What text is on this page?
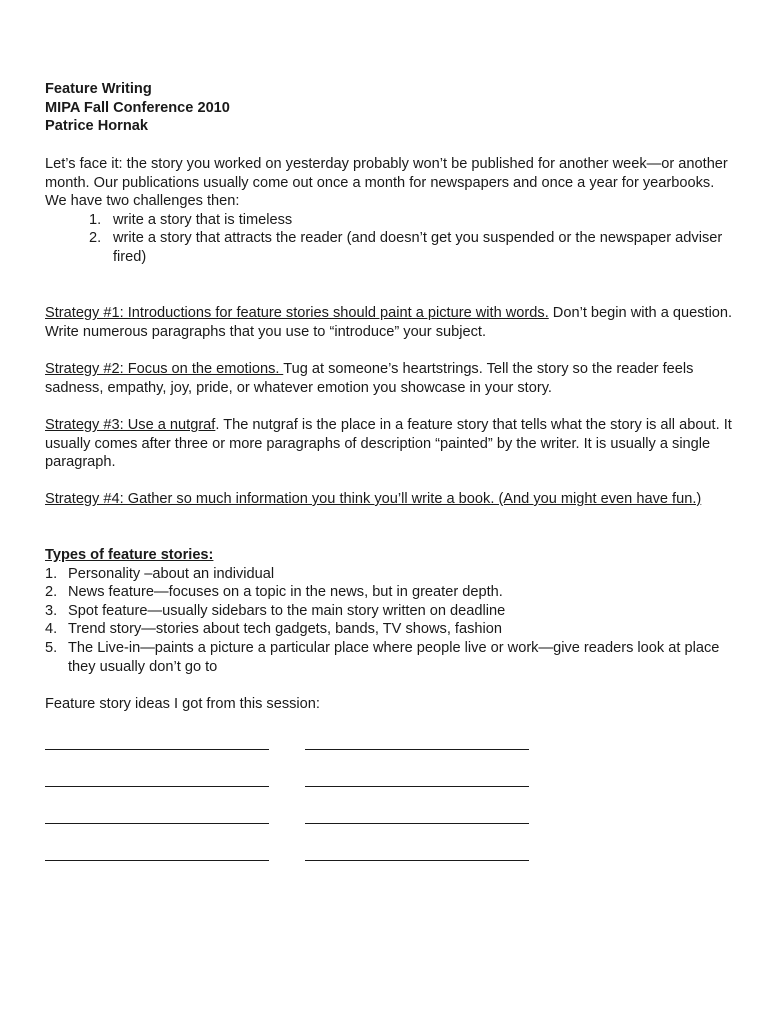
Feature Writing
MIPA Fall Conference 2010
Patrice Hornak
Let’s face it: the story you worked on yesterday probably won’t be published for another week—or another month. Our publications usually come out once a month for newspapers and once a year for yearbooks.
We have two challenges then:
1. write a story that is timeless
2. write a story that attracts the reader (and doesn’t get you suspended or the newspaper adviser fired)
Strategy #1: Introductions for feature stories should paint a picture with words. Don’t begin with a question. Write numerous paragraphs that you use to “introduce” your subject.
Strategy #2: Focus on the emotions. Tug at someone’s heartstrings. Tell the story so the reader feels sadness, empathy, joy, pride, or whatever emotion you showcase in your story.
Strategy #3: Use a nutgraf. The nutgraf is the place in a feature story that tells what the story is all about. It usually comes after three or more paragraphs of description “painted” by the writer. It is usually a single paragraph.
Strategy #4: Gather so much information you think you’ll write a book. (And you might even have fun.)
Types of feature stories:
1. Personality –about an individual
2. News feature—focuses on a topic in the news, but in greater depth.
3. Spot feature—usually sidebars to the main story written on deadline
4. Trend story—stories about tech gadgets, bands, TV shows, fashion
5. The Live-in—paints a picture a particular place where people live or work—give readers look at place they usually don’t go to
Feature story ideas I got from this session:
